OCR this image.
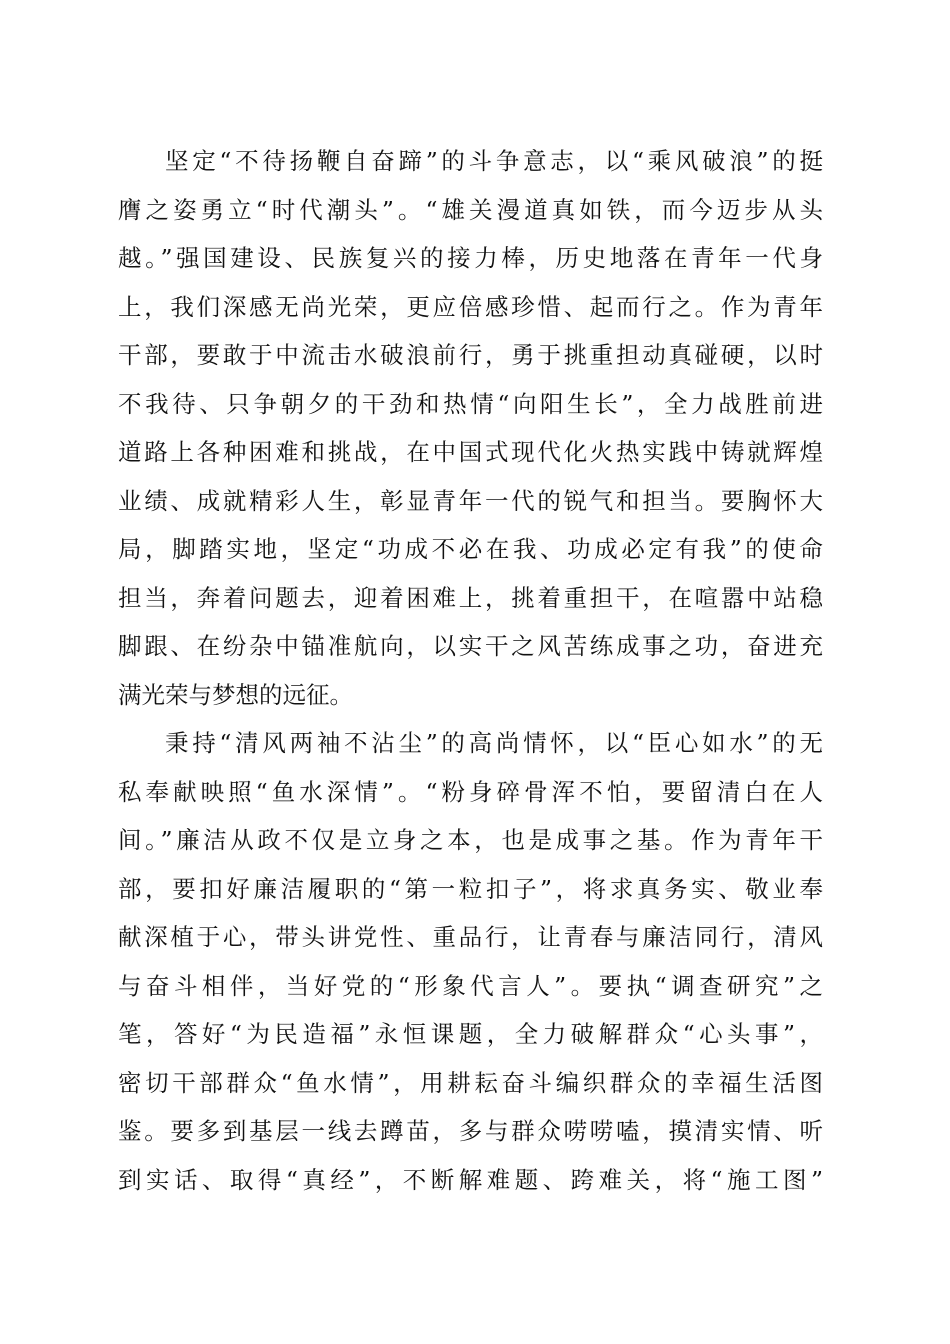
坚定“不待扬鞭自奋蹄”的斗争意志，以“乘风破浪”的挺
膺之姿勇立“时代潮头”。“雄关漫道真如铁，而今迈步从头
越。”强国建设、民族复兴的接力棒，历史地落在青年一代身
上，我们深感无尚光荣，更应倍感珍惜、起而行之。作为青年
干部，要敢于中流击水破浪前行，勇于挑重担动真碰硬，以时
不我待、只争朝夕的干劲和热情“向阳生长”，全力战胜前进
道路上各种困难和挑战，在中国式现代化火热实践中铸就辉煌
业绩、成就精彩人生，彰显青年一代的锐气和担当。要胸怀大
局，脚踏实地，坚定“功成不必在我、功成必定有我”的使命
担当，奔着问题去，迎着困难上，挑着重担干，在喧嚣中站稳
脚跟、在纷杂中锚准航向，以实干之风苦练成事之功，奋进充
满光荣与梦想的远征。
秉持“清风两袖不沾尘”的高尚情怀，以“臣心如水”的无
私奉献映照“鱼水深情”。“粉身碎骨浑不怕，要留清白在人
间。”廉洁从政不仅是立身之本，也是成事之基。作为青年干
部，要扣好廉洁履职的“第一粒扣子”，将求真务实、敬业奉
献深植于心，带头讲党性、重品行，让青春与廉洁同行，清风
与奋斗相伴，当好党的“形象代言人”。要执“调查研究”之
笔，答好“为民造福”永恒课题，全力破解群众“心头事”，
密切干部群众“鱼水情”，用耕耘奋斗编织群众的幸福生活图
鉴。要多到基层一线去蹲苗，多与群众唠唠嗑，摸清实情、听
到实话、取得“真经”，不断解难题、跨难关，将“施工图”
